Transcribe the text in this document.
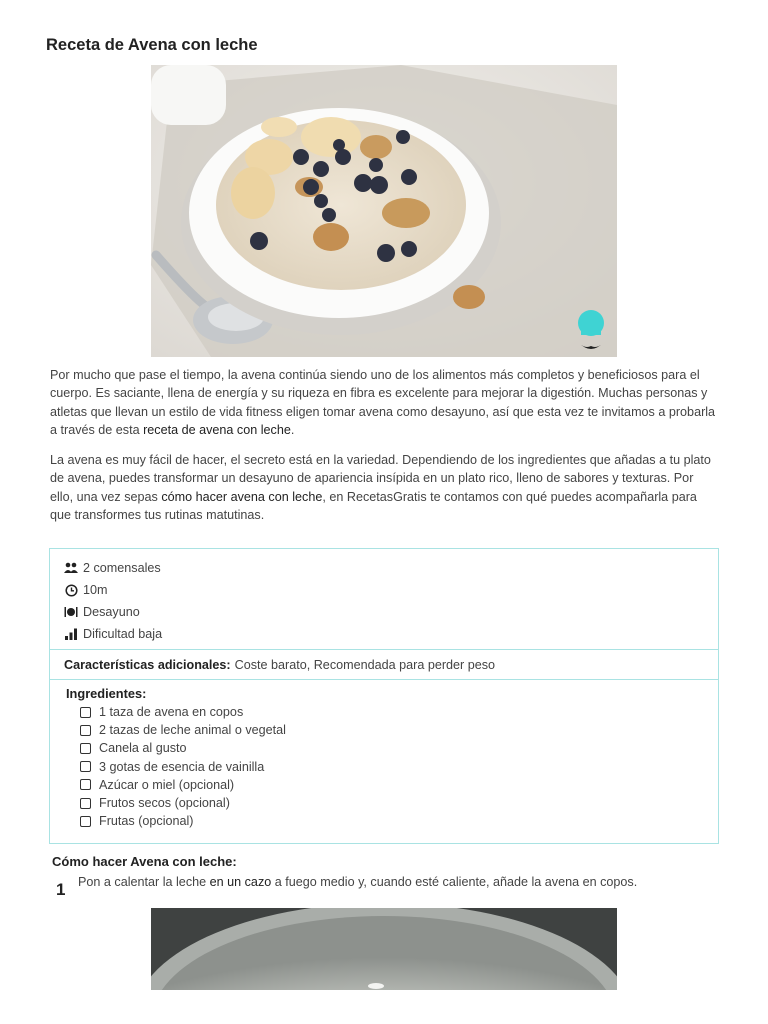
Receta de Avena con leche

Por mucho que pase el tiempo, la avena continúa siendo uno de los alimentos más completos y beneficiosos para el cuerpo. Es saciante, llena de energía y su riqueza en fibra es excelente para mejorar la digestión. Muchas personas y atletas que llevan un estilo de vida fitness eligen tomar avena como desayuno, así que esta vez te invitamos a probarla a través de esta receta de avena con leche.

La avena es muy fácil de hacer, el secreto está en la variedad. Dependiendo de los ingredientes que añadas a tu plato de avena, puedes transformar un desayuno de apariencia insípida en un plato rico, lleno de sabores y texturas. Por ello, una vez sepas cómo hacer avena con leche, en RecetasGratis te contamos con qué puedes acompañarla para que transformes tus rutinas matutinas.

2 comensales
10m
Desayuno
Dificultad baja
Características adicionales: Coste barato, Recomendada para perder peso
Ingredientes:
1 taza de avena en copos
2 tazas de leche animal o vegetal
Canela al gusto
3 gotas de esencia de vainilla
Azúcar o miel (opcional)
Frutos secos (opcional)
Frutas (opcional)
Cómo hacer Avena con leche:
1 Pon a calentar la leche en un cazo a fuego medio y, cuando esté caliente, añade la avena en copos.
